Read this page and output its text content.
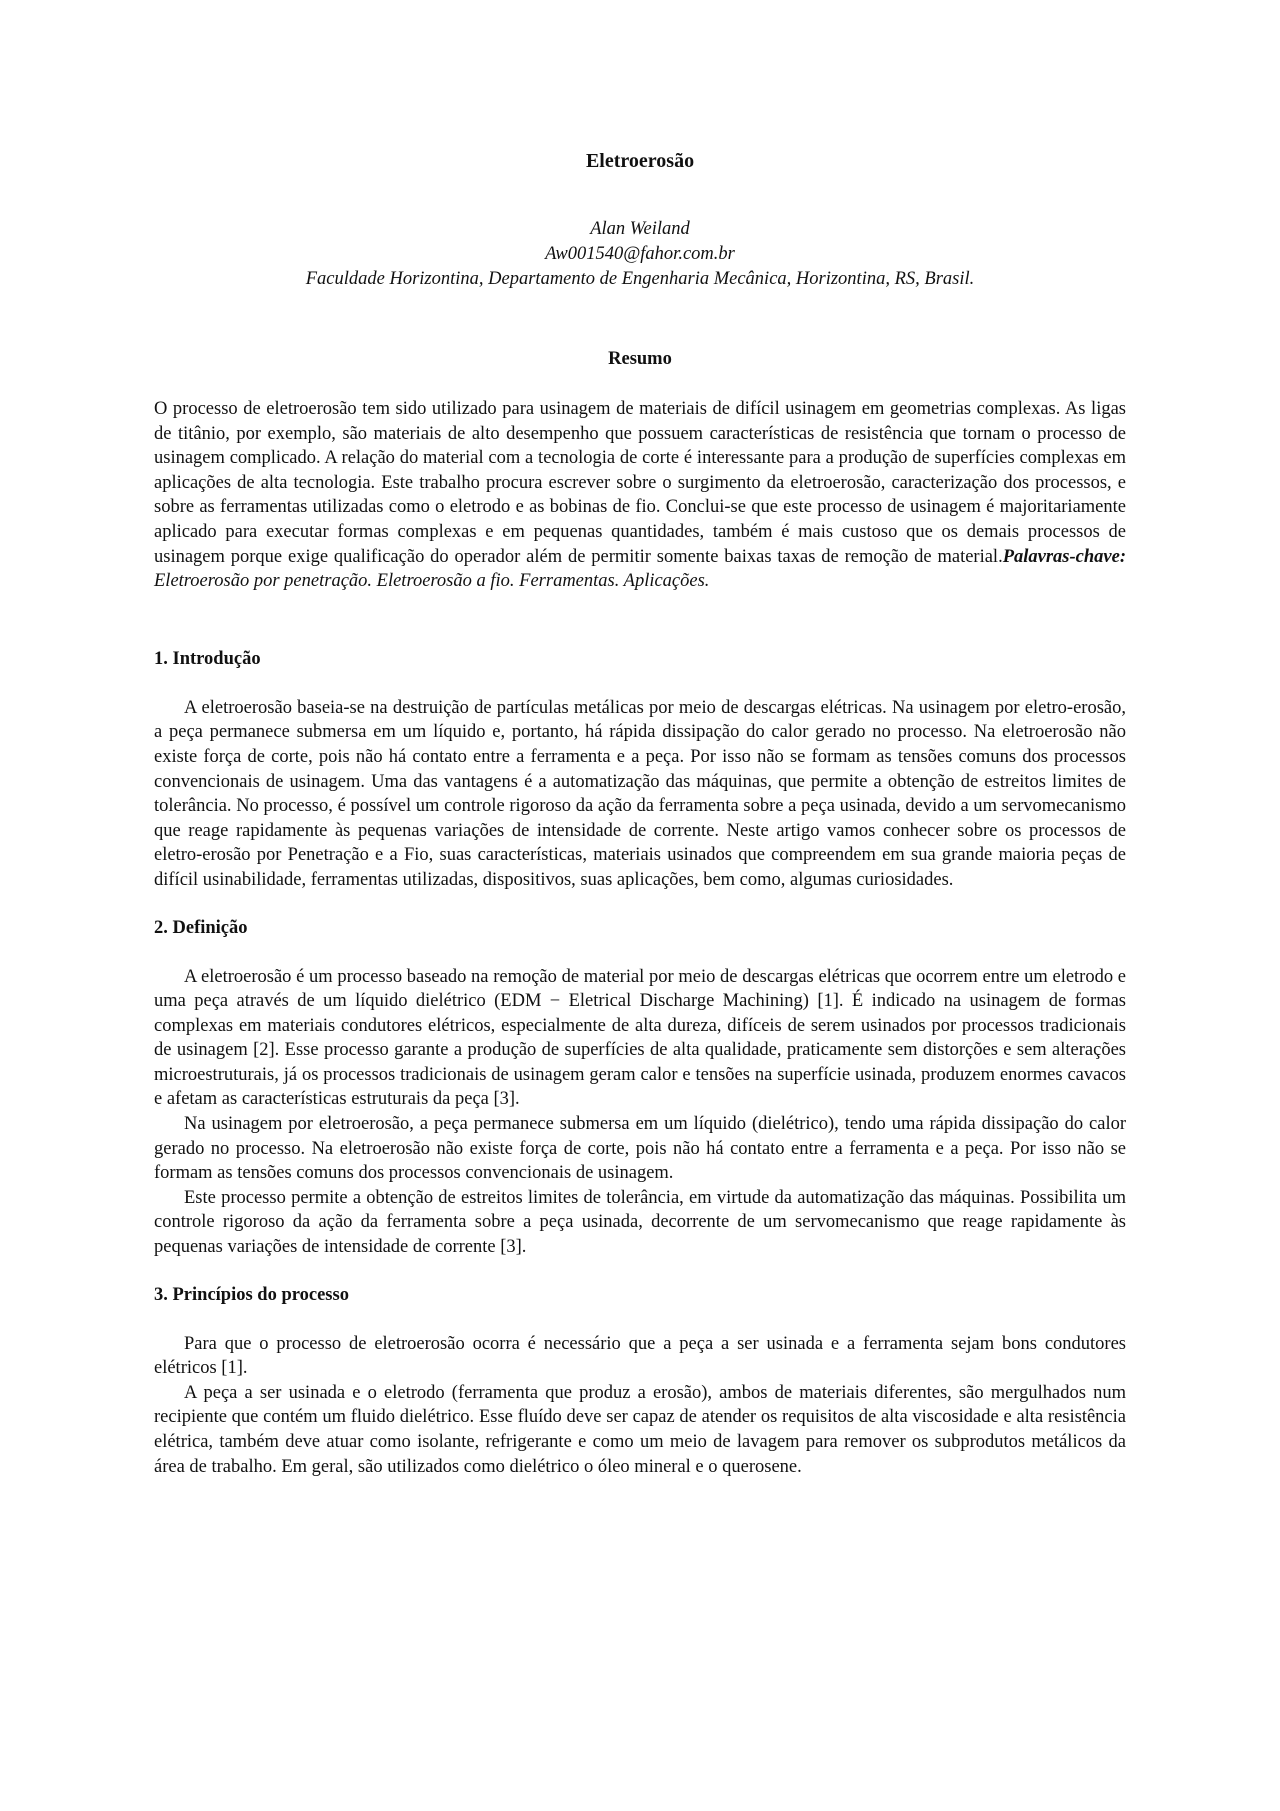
Eletroerosão
Alan Weiland
Aw001540@fahor.com.br
Faculdade Horizontina, Departamento de Engenharia Mecânica, Horizontina, RS, Brasil.
Resumo

O processo de eletroerosão tem sido utilizado para usinagem de materiais de difícil usinagem em geometrias complexas. As ligas de titânio, por exemplo, são materiais de alto desempenho que possuem características de resistência que tornam o processo de usinagem complicado. A relação do material com a tecnologia de corte é interessante para a produção de superfícies complexas em aplicações de alta tecnologia. Este trabalho procura escrever sobre o surgimento da eletroerosão, caracterização dos processos, e sobre as ferramentas utilizadas como o eletrodo e as bobinas de fio. Conclui-se que este processo de usinagem é majoritariamente aplicado para executar formas complexas e em pequenas quantidades, também é mais custoso que os demais processos de usinagem porque exige qualificação do operador além de permitir somente baixas taxas de remoção de material.Palavras-chave: Eletroerosão por penetração. Eletroerosão a fio. Ferramentas. Aplicações.

1. Introdução

A eletroerosão baseia-se na destruição de partículas metálicas por meio de descargas elétricas. Na usinagem por eletro-erosão, a peça permanece submersa em um líquido e, portanto, há rápida dissipação do calor gerado no processo. Na eletroerosão não existe força de corte, pois não há contato entre a ferramenta e a peça. Por isso não se formam as tensões comuns dos processos convencionais de usinagem. Uma das vantagens é a automatização das máquinas, que permite a obtenção de estreitos limites de tolerância. No processo, é possível um controle rigoroso da ação da ferramenta sobre a peça usinada, devido a um servomecanismo que reage rapidamente às pequenas variações de intensidade de corrente. Neste artigo vamos conhecer sobre os processos de eletro-erosão por Penetração e a Fio, suas características, materiais usinados que compreendem em sua grande maioria peças de difícil usinabilidade, ferramentas utilizadas, dispositivos, suas aplicações, bem como, algumas curiosidades.

2. Definição

A eletroerosão é um processo baseado na remoção de material por meio de descargas elétricas que ocorrem entre um eletrodo e uma peça através de um líquido dielétrico (EDM − Eletrical Discharge Machining) [1]. É indicado na usinagem de formas complexas em materiais condutores elétricos, especialmente de alta dureza, difíceis de serem usinados por processos tradicionais de usinagem [2]. Esse processo garante a produção de superfícies de alta qualidade, praticamente sem distorções e sem alterações microestruturais, já os processos tradicionais de usinagem geram calor e tensões na superfície usinada, produzem enormes cavacos e afetam as características estruturais da peça [3].

Na usinagem por eletroerosão, a peça permanece submersa em um líquido (dielétrico), tendo uma rápida dissipação do calor gerado no processo. Na eletroerosão não existe força de corte, pois não há contato entre a ferramenta e a peça. Por isso não se formam as tensões comuns dos processos convencionais de usinagem.

Este processo permite a obtenção de estreitos limites de tolerância, em virtude da automatização das máquinas. Possibilita um controle rigoroso da ação da ferramenta sobre a peça usinada, decorrente de um servomecanismo que reage rapidamente às pequenas variações de intensidade de corrente [3].

3. Princípios do processo

Para que o processo de eletroerosão ocorra é necessário que a peça a ser usinada e a ferramenta sejam bons condutores elétricos [1].

A peça a ser usinada e o eletrodo (ferramenta que produz a erosão), ambos de materiais diferentes, são mergulhados num recipiente que contém um fluido dielétrico. Esse fluído deve ser capaz de atender os requisitos de alta viscosidade e alta resistência elétrica, também deve atuar como isolante, refrigerante e como um meio de lavagem para remover os subprodutos metálicos da área de trabalho. Em geral, são utilizados como dielétrico o óleo mineral e o querosene.
